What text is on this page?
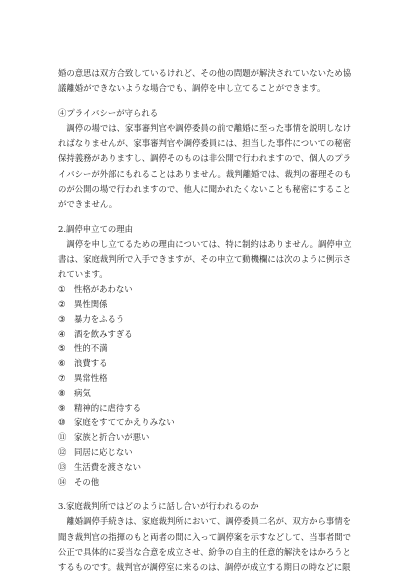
婚の意思は双方合致しているけれど、その他の問題が解決されていないため協
議離婚ができないような場合でも、調停を申し立てることができます。
④プライバシーが守られる
調停の場では、家事審判官や調停委員の前で離婚に至った事情を説明しなけ
ればなりませんが、家事審判官や調停委員には、担当した事件についての秘密
保持義務がありますし、調停そのものは非公開で行われますので、個人のプラ
イバシーが外部にもれることはありません。裁判離婚では、裁判の審理そのも
のが公開の場で行われますので、他人に聞かれたくないことも秘密にすること
ができません。
2.調停申立ての理由
調停を申し立てるための理由については、特に制約はありません。調停申立
書は、家庭裁判所で入手できますが、その申立て動機欄には次のように例示さ
れています。
① 性格があわない
② 異性関係
③ 暴力をふるう
④ 酒を飲みすぎる
⑤ 性的不満
⑥ 浪費する
⑦ 異常性格
⑧ 病気
⑨ 精神的に虐待する
⑩ 家庭をすててかえりみない
⑪ 家族と折合いが悪い
⑫ 同居に応じない
⑬ 生活費を渡さない
⑭ その他
3.家庭裁判所ではどのように話し合いが行われるのか
離婚調停手続きは、家庭裁判所において、調停委員二名が、双方から事情を
聞き裁判官の指揮のもと両者の間に入って調停案を示すなどして、当事者間で
公正で具体的に妥当な合意を成立させ、紛争の自主的任意的解決をはかろうと
するものです。裁判官が調停室に来るのは、調停が成立する期日の時などに限
